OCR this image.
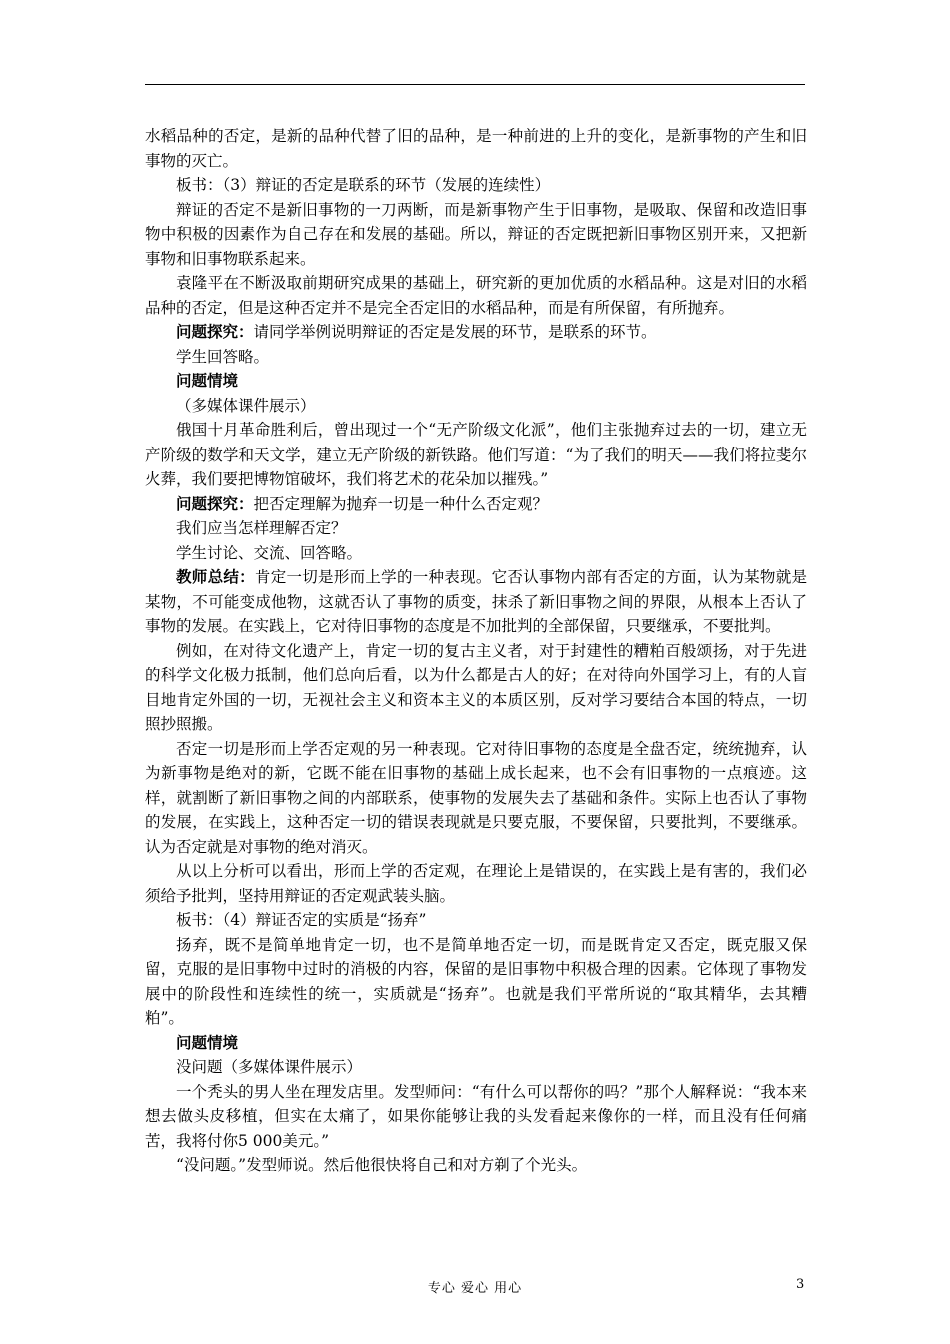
水稻品种的否定，是新的品种代替了旧的品种，是一种前进的上升的变化，是新事物的产生和旧事物的灭亡。

板书：（3）辩证的否定是联系的环节（发展的连续性）

辩证的否定不是新旧事物的一刀两断，而是新事物产生于旧事物，是吸取、保留和改造旧事物中积极的因素作为自己存在和发展的基础。所以，辩证的否定既把新旧事物区别开来，又把新事物和旧事物联系起来。

袁隆平在不断汲取前期研究成果的基础上，研究新的更加优质的水稻品种。这是对旧的水稻品种的否定，但是这种否定并不是完全否定旧的水稻品种，而是有所保留，有所抛弃。

问题探究：请同学举例说明辩证的否定是发展的环节，是联系的环节。

学生回答略。

问题情境

（多媒体课件展示）

俄国十月革命胜利后，曾出现过一个“无产阶级文化派”，他们主张抛弃过去的一切，建立无产阶级的数学和天文学，建立无产阶级的新铁路。他们写道：“为了我们的明天——我们将拉斐尔火葬，我们要把博物馆破坏，我们将艺术的花朵加以摧残。”

问题探究：把否定理解为抛弃一切是一种什么否定观？

我们应当怎样理解否定？

学生讨论、交流、回答略。

教师总结：肯定一切是形而上学的一种表现。它否认事物内部有否定的方面，认为某物就是某物，不可能变成他物，这就否认了事物的质变，抹杀了新旧事物之间的界限，从根本上否认了事物的发展。在实践上，它对待旧事物的态度是不加批判的全部保留，只要继承，不要批判。

例如，在对待文化遗产上，肯定一切的复古主义者，对于封建性的糟粕百般颂扬，对于先进的科学文化极力抵制，他们总向后看，以为什么都是古人的好；在对待向外国学习上，有的人盲目地肯定外国的一切，无视社会主义和资本主义的本质区别，反对学习要结合本国的特点，一切照抄照搬。

否定一切是形而上学否定观的另一种表现。它对待旧事物的态度是全盘否定，统统抛弃，认为新事物是绝对的新，它既不能在旧事物的基础上成长起来，也不会有旧事物的一点痕迹。这样，就割断了新旧事物之间的内部联系，使事物的发展失去了基础和条件。实际上也否认了事物的发展，在实践上，这种否定一切的错误表现就是只要克服，不要保留，只要批判，不要继承。认为否定就是对事物的绝对消灭。

从以上分析可以看出，形而上学的否定观，在理论上是错误的，在实践上是有害的，我们必须给予批判，坚持用辩证的否定观武装头脑。

板书：（4）辩证否定的实质是“扬弃”

扬弃，既不是简单地肯定一切，也不是简单地否定一切，而是既肯定又否定，既克服又保留，克服的是旧事物中过时的消极的内容，保留的是旧事物中积极合理的因素。它体现了事物发展中的阶段性和连续性的统一，实质就是“扬弃”。也就是我们平常所说的“取其精华，去其糟粕”。

问题情境

没问题（多媒体课件展示）

一个秃头的男人坐在理发店里。发型师问：“有什么可以帮你的吗？”那个人解释说：“我本来想去做头皮移植，但实在太痛了，如果你能够让我的头发看起来像你的一样，而且没有任何痛苦，我将付你5 000美元。”

“没问题。”发型师说。然后他很快将自己和对方剃了个光头。

专心 爱心 用心	3
